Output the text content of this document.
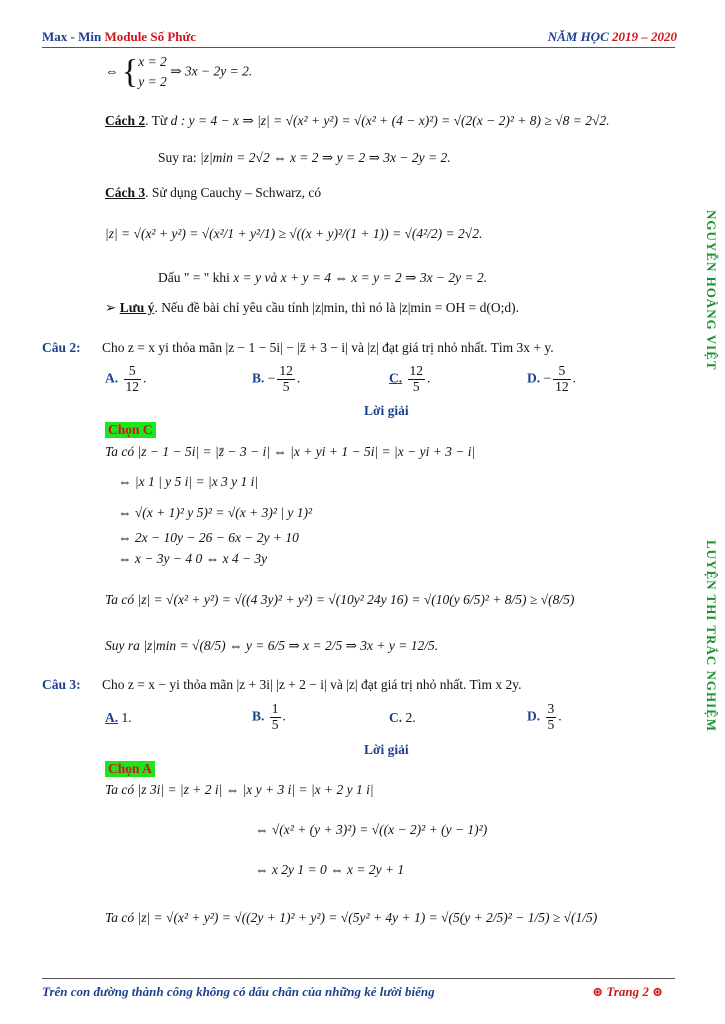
Max - Min Module Số Phức	NĂM HỌC 2019 – 2020
NGUYỄN HOÀNG VIỆT
LUYỆN THI TRẮC NGHIỆM
⇔ {x = 2
y = 2 ⇒ 3x − 2y = 2.
Cách 2. Từ d : y = 4 − x ⇒ |z| = √(x² + y²) = √(x² + (4 − x)²) = √(2(x − 2)² + 8) ≥ √8 = 2√2.
Suy ra: |z|min = 2√2 ⇔ x = 2 ⇒ y = 2 ⇒ 3x − 2y = 2.
Cách 3. Sử dụng Cauchy – Schwarz, có
|z| = √(x² + y²) = √(x²/1 + y²/1) ≥ √((x + y)²/(1 + 1)) = √(4²/2) = 2√2.
Dấu " = " khi x = y và x + y = 4 ⇔ x = y = 2 ⇒ 3x − 2y = 2.
➢ Lưu ý. Nếu đề bài chỉ yêu cầu tính |z|min, thì nó là |z|min = OH = d(O;d).
Câu 2: Cho z = x yi thỏa mãn |z − 1 − 5i| − |z̄ + 3 − i| và |z| đạt giá trị nhỏ nhất. Tìm 3x + y.
A. $\frac{5}{12}$ .	B. − $\frac{12}{5}$ .	C. $\frac{12}{5}$ .	D. − $\frac{5}{12}$ .
Lời giải
Chọn C
Ta có |z − 1 − 5i| = |z̄ − 3 − i| ⇔ |x + yi + 1 − 5i| = |x − yi + 3 − i|
⇔ |x 1 | y 5 i| = |x 3 y 1 i|
⇔ √(x + 1)² y 5)² = √(x + 3)² | y 1)²
⇔ 2x − 10y − 26 − 6x − 2y + 10
⇔ x − 3y − 4 0 ⇔ x 4 − 3y
Ta có |z| = √(x² + y²) = √((4 3y)² + y²) = √(10y² 24y 16) = √(10(y 6/5)² + 8/5) ≥ √(8/5)
Suy ra |z|min = √(8/5) ⇔ y = 6/5 ⇒ x = 2/5 ⇒ 3x + y = 12/5.
Câu 3: Cho z = x − yi thỏa mãn |z + 3i| |z + 2 − i| và |z| đạt giá trị nhỏ nhất. Tìm x 2y.
A. 1.	B. $\frac{1}{5}$ .	C. 2.	D. $\frac{3}{5}$ .
Lời giải
Chọn A
Ta có |z 3i| = |z + 2 i| ⇔ |x y + 3 i| = |x + 2 y 1 i|
⇔ √(x² + (y + 3)²) = √((x − 2)² + (y − 1)²)
⇔ x 2y 1 = 0 ⇔ x = 2y + 1
Ta có |z| = √(x² + y²) = √((2y + 1)² + y²) = √(5y² + 4y + 1) = √(5(y + 2/5)² − 1/5) ≥ √(1/5)
Trên con đường thành công không có dấu chân của những kẻ lười biếng	⊛ Trang 2 ⊛
